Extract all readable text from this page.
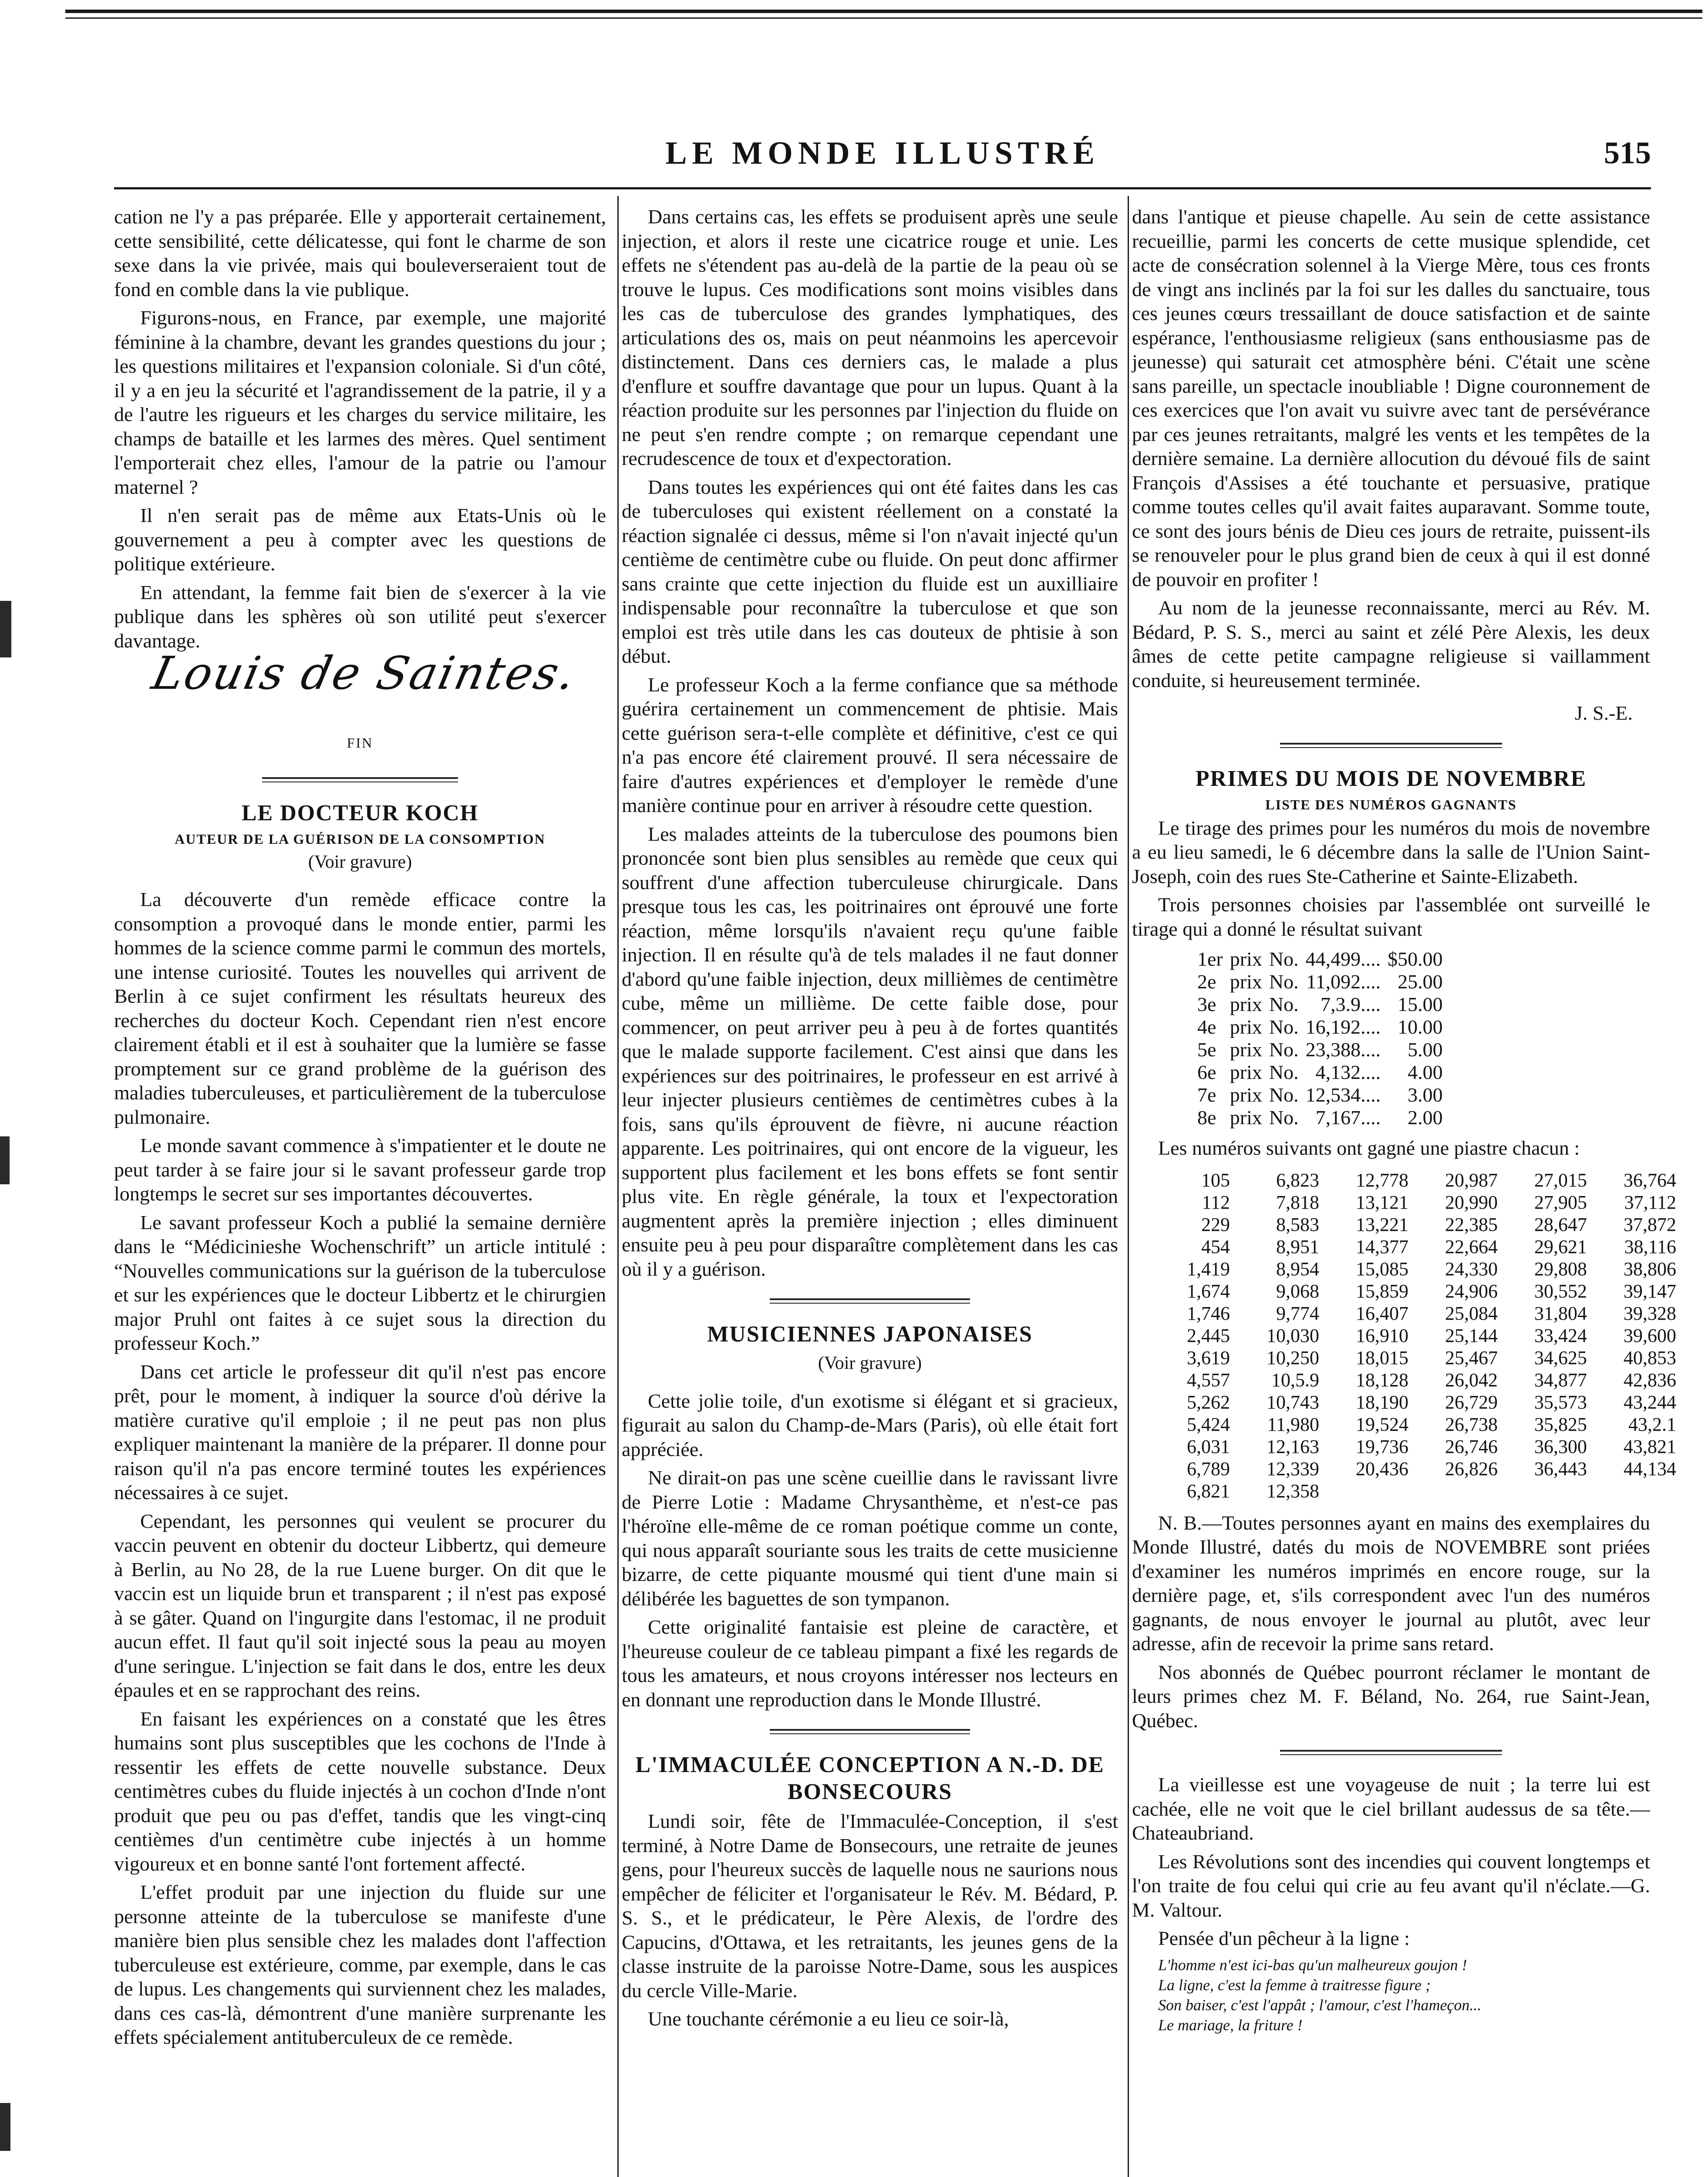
LE MONDE ILLUSTRÉ	515

cation ne l'y a pas préparée. Elle y apporterait certainement, cette sensibilité, cette délicatesse, qui font le charme de son sexe dans la vie privée, mais qui bouleverseraient tout de fond en comble dans la vie publique.

Figurons-nous, en France, par exemple, une majorité féminine à la chambre, devant les grandes questions du jour ; les questions militaires et l'expansion coloniale. Si d'un côté, il y a en jeu la sécurité et l'agrandissement de la patrie, il y a de l'autre les rigueurs et les charges du service militaire, les champs de bataille et les larmes des mères. Quel sentiment l'emporterait chez elles, l'amour de la patrie ou l'amour maternel ?

Il n'en serait pas de même aux Etats-Unis où le gouvernement a peu à compter avec les questions de politique extérieure.

En attendant, la femme fait bien de s'exercer à la vie publique dans les sphères où son utilité peut s'exercer davantage.

Louis de Saintes.
FIN
LE DOCTEUR KOCH
AUTEUR DE LA GUÉRISON DE LA CONSOMPTION
(Voir gravure)

La découverte d'un remède efficace contre la consomption a provoqué dans le monde entier, parmi les hommes de la science comme parmi le commun des mortels, une intense curiosité. Toutes les nouvelles qui arrivent de Berlin à ce sujet confirment les résultats heureux des recherches du docteur Koch. Cependant rien n'est encore clairement établi et il est à souhaiter que la lumière se fasse promptement sur ce grand problème de la guérison des maladies tuberculeuses, et particulièrement de la tuberculose pulmonaire.

Le monde savant commence à s'impatienter et le doute ne peut tarder à se faire jour si le savant professeur garde trop longtemps le secret sur ses importantes découvertes.

Le savant professeur Koch a publié la semaine dernière dans le “Médicinieshe Wochenschrift” un article intitulé : “Nouvelles communications sur la guérison de la tuberculose et sur les expériences que le docteur Libbertz et le chirurgien major Pruhl ont faites à ce sujet sous la direction du professeur Koch.”

Dans cet article le professeur dit qu'il n'est pas encore prêt, pour le moment, à indiquer la source d'où dérive la matière curative qu'il emploie ; il ne peut pas non plus expliquer maintenant la manière de la préparer. Il donne pour raison qu'il n'a pas encore terminé toutes les expériences nécessaires à ce sujet.

Cependant, les personnes qui veulent se procurer du vaccin peuvent en obtenir du docteur Libbertz, qui demeure à Berlin, au No 28, de la rue Luene burger. On dit que le vaccin est un liquide brun et transparent ; il n'est pas exposé à se gâter. Quand on l'ingurgite dans l'estomac, il ne produit aucun effet. Il faut qu'il soit injecté sous la peau au moyen d'une seringue. L'injection se fait dans le dos, entre les deux épaules et en se rapprochant des reins.

En faisant les expériences on a constaté que les êtres humains sont plus susceptibles que les cochons de l'Inde à ressentir les effets de cette nouvelle substance. Deux centimètres cubes du fluide injectés à un cochon d'Inde n'ont produit que peu ou pas d'effet, tandis que les vingt-cinq centièmes d'un centimètre cube injectés à un homme vigoureux et en bonne santé l'ont fortement affecté.

L'effet produit par une injection du fluide sur une personne atteinte de la tuberculose se manifeste d'une manière bien plus sensible chez les malades dont l'affection tuberculeuse est extérieure, comme, par exemple, dans le cas de lupus. Les changements qui surviennent chez les malades, dans ces cas-là, démontrent d'une manière surprenante les effets spécialement antituberculeux de ce remède.

Dans certains cas, les effets se produisent après une seule injection, et alors il reste une cicatrice rouge et unie. Les effets ne s'étendent pas au-delà de la partie de la peau où se trouve le lupus. Ces modifications sont moins visibles dans les cas de tuberculose des grandes lymphatiques, des articulations des os, mais on peut néanmoins les apercevoir distinctement. Dans ces derniers cas, le malade a plus d'enflure et souffre davantage que pour un lupus. Quant à la réaction produite sur les personnes par l'injection du fluide on ne peut s'en rendre compte ; on remarque cependant une recrudescence de toux et d'expectoration.

Dans toutes les expériences qui ont été faites dans les cas de tuberculoses qui existent réellement on a constaté la réaction signalée ci dessus, même si l'on n'avait injecté qu'un centième de centimètre cube ou fluide. On peut donc affirmer sans crainte que cette injection du fluide est un auxilliaire indispensable pour reconnaître la tuberculose et que son emploi est très utile dans les cas douteux de phtisie à son début.

Le professeur Koch a la ferme confiance que sa méthode guérira certainement un commencement de phtisie. Mais cette guérison sera-t-elle complète et définitive, c'est ce qui n'a pas encore été clairement prouvé. Il sera nécessaire de faire d'autres expériences et d'employer le remède d'une manière continue pour en arriver à résoudre cette question.

Les malades atteints de la tuberculose des poumons bien prononcée sont bien plus sensibles au remède que ceux qui souffrent d'une affection tuberculeuse chirurgicale. Dans presque tous les cas, les poitrinaires ont éprouvé une forte réaction, même lorsqu'ils n'avaient reçu qu'une faible injection. Il en résulte qu'à de tels malades il ne faut donner d'abord qu'une faible injection, deux millièmes de centimètre cube, même un millième. De cette faible dose, pour commencer, on peut arriver peu à peu à de fortes quantités que le malade supporte facilement. C'est ainsi que dans les expériences sur des poitrinaires, le professeur en est arrivé à leur injecter plusieurs centièmes de centimètres cubes à la fois, sans qu'ils éprouvent de fièvre, ni aucune réaction apparente. Les poitrinaires, qui ont encore de la vigueur, les supportent plus facilement et les bons effets se font sentir plus vite. En règle générale, la toux et l'expectoration augmentent après la première injection ; elles diminuent ensuite peu à peu pour disparaître complètement dans les cas où il y a guérison.

MUSICIENNES JAPONAISES
(Voir gravure)

Cette jolie toile, d'un exotisme si élégant et si gracieux, figurait au salon du Champ-de-Mars (Paris), où elle était fort appréciée.

Ne dirait-on pas une scène cueillie dans le ravissant livre de Pierre Lotie : Madame Chrysanthème, et n'est-ce pas l'héroïne elle-même de ce roman poétique comme un conte, qui nous apparaît souriante sous les traits de cette musicienne bizarre, de cette piquante mousmé qui tient d'une main si délibérée les baguettes de son tympanon.

Cette originalité fantaisie est pleine de caractère, et l'heureuse couleur de ce tableau pimpant a fixé les regards de tous les amateurs, et nous croyons intéresser nos lecteurs en en donnant une reproduction dans le Monde Illustré.

L'IMMACULÉE CONCEPTION A N.-D. DE BONSECOURS

Lundi soir, fête de l'Immaculée-Conception, il s'est terminé, à Notre Dame de Bonsecours, une retraite de jeunes gens, pour l'heureux succès de laquelle nous ne saurions nous empêcher de féliciter et l'organisateur le Rév. M. Bédard, P. S. S., et le prédicateur, le Père Alexis, de l'ordre des Capucins, d'Ottawa, et les retraitants, les jeunes gens de la classe instruite de la paroisse Notre-Dame, sous les auspices du cercle Ville-Marie.

Une touchante cérémonie a eu lieu ce soir-là,

dans l'antique et pieuse chapelle. Au sein de cette assistance recueillie, parmi les concerts de cette musique splendide, cet acte de consécration solennel à la Vierge Mère, tous ces fronts de vingt ans inclinés par la foi sur les dalles du sanctuaire, tous ces jeunes cœurs tressaillant de douce satisfaction et de sainte espérance, l'enthousiasme religieux (sans enthousiasme pas de jeunesse) qui saturait cet atmosphère béni. C'était une scène sans pareille, un spectacle inoubliable ! Digne couronnement de ces exercices que l'on avait vu suivre avec tant de persévérance par ces jeunes retraitants, malgré les vents et les tempêtes de la dernière semaine. La dernière allocution du dévoué fils de saint François d'Assises a été touchante et persuasive, pratique comme toutes celles qu'il avait faites auparavant. Somme toute, ce sont des jours bénis de Dieu ces jours de retraite, puissent-ils se renouveler pour le plus grand bien de ceux à qui il est donné de pouvoir en profiter !

Au nom de la jeunesse reconnaissante, merci au Rév. M. Bédard, P. S. S., merci au saint et zélé Père Alexis, les deux âmes de cette petite campagne religieuse si vaillamment conduite, si heureusement terminée.

J. S.-E.
PRIMES DU MOIS DE NOVEMBRE
LISTE DES NUMÉROS GAGNANTS

Le tirage des primes pour les numéros du mois de novembre a eu lieu samedi, le 6 décembre dans la salle de l'Union Saint-Joseph, coin des rues Ste-Catherine et Sainte-Elizabeth.

Trois personnes choisies par l'assemblée ont surveillé le tirage qui a donné le résultat suivant

1er	prix	No.	44,499....	$50.00
2e	prix	No.	11,092....	25.00
3e	prix	No.	7,3.9....	15.00
4e	prix	No.	16,192....	10.00
5e	prix	No.	23,388....	5.00
6e	prix	No.	4,132....	4.00
7e	prix	No.	12,534....	3.00
8e	prix	No.	7,167....	2.00

Les numéros suivants ont gagné une piastre chacun :

105	6,823	12,778	20,987	27,015	36,764
112	7,818	13,121	20,990	27,905	37,112
229	8,583	13,221	22,385	28,647	37,872
454	8,951	14,377	22,664	29,621	38,116
1,419	8,954	15,085	24,330	29,808	38,806
1,674	9,068	15,859	24,906	30,552	39,147
1,746	9,774	16,407	25,084	31,804	39,328
2,445	10,030	16,910	25,144	33,424	39,600
3,619	10,250	18,015	25,467	34,625	40,853
4,557	10,5.9	18,128	26,042	34,877	42,836
5,262	10,743	18,190	26,729	35,573	43,244
5,424	11,980	19,524	26,738	35,825	43,2.1
6,031	12,163	19,736	26,746	36,300	43,821
6,789	12,339	20,436	26,826	36,443	44,134
6,821	12,358				

N. B.—Toutes personnes ayant en mains des exemplaires du Monde Illustré, datés du mois de NOVEMBRE sont priées d'examiner les numéros imprimés en encore rouge, sur la dernière page, et, s'ils correspondent avec l'un des numéros gagnants, de nous envoyer le journal au plutôt, avec leur adresse, afin de recevoir la prime sans retard.

Nos abonnés de Québec pourront réclamer le montant de leurs primes chez M. F. Béland, No. 264, rue Saint-Jean, Québec.

La vieillesse est une voyageuse de nuit ; la terre lui est cachée, elle ne voit que le ciel brillant audessus de sa tête.—Chateaubriand.

Les Révolutions sont des incendies qui couvent longtemps et l'on traite de fou celui qui crie au feu avant qu'il n'éclate.—G. M. Valtour.

Pensée d'un pêcheur à la ligne :

L'homme n'est ici-bas qu'un malheureux goujon !
La ligne, c'est la femme à traitresse figure ;
Son baiser, c'est l'appât ; l'amour, c'est l'hameçon...
Le mariage, la friture !
